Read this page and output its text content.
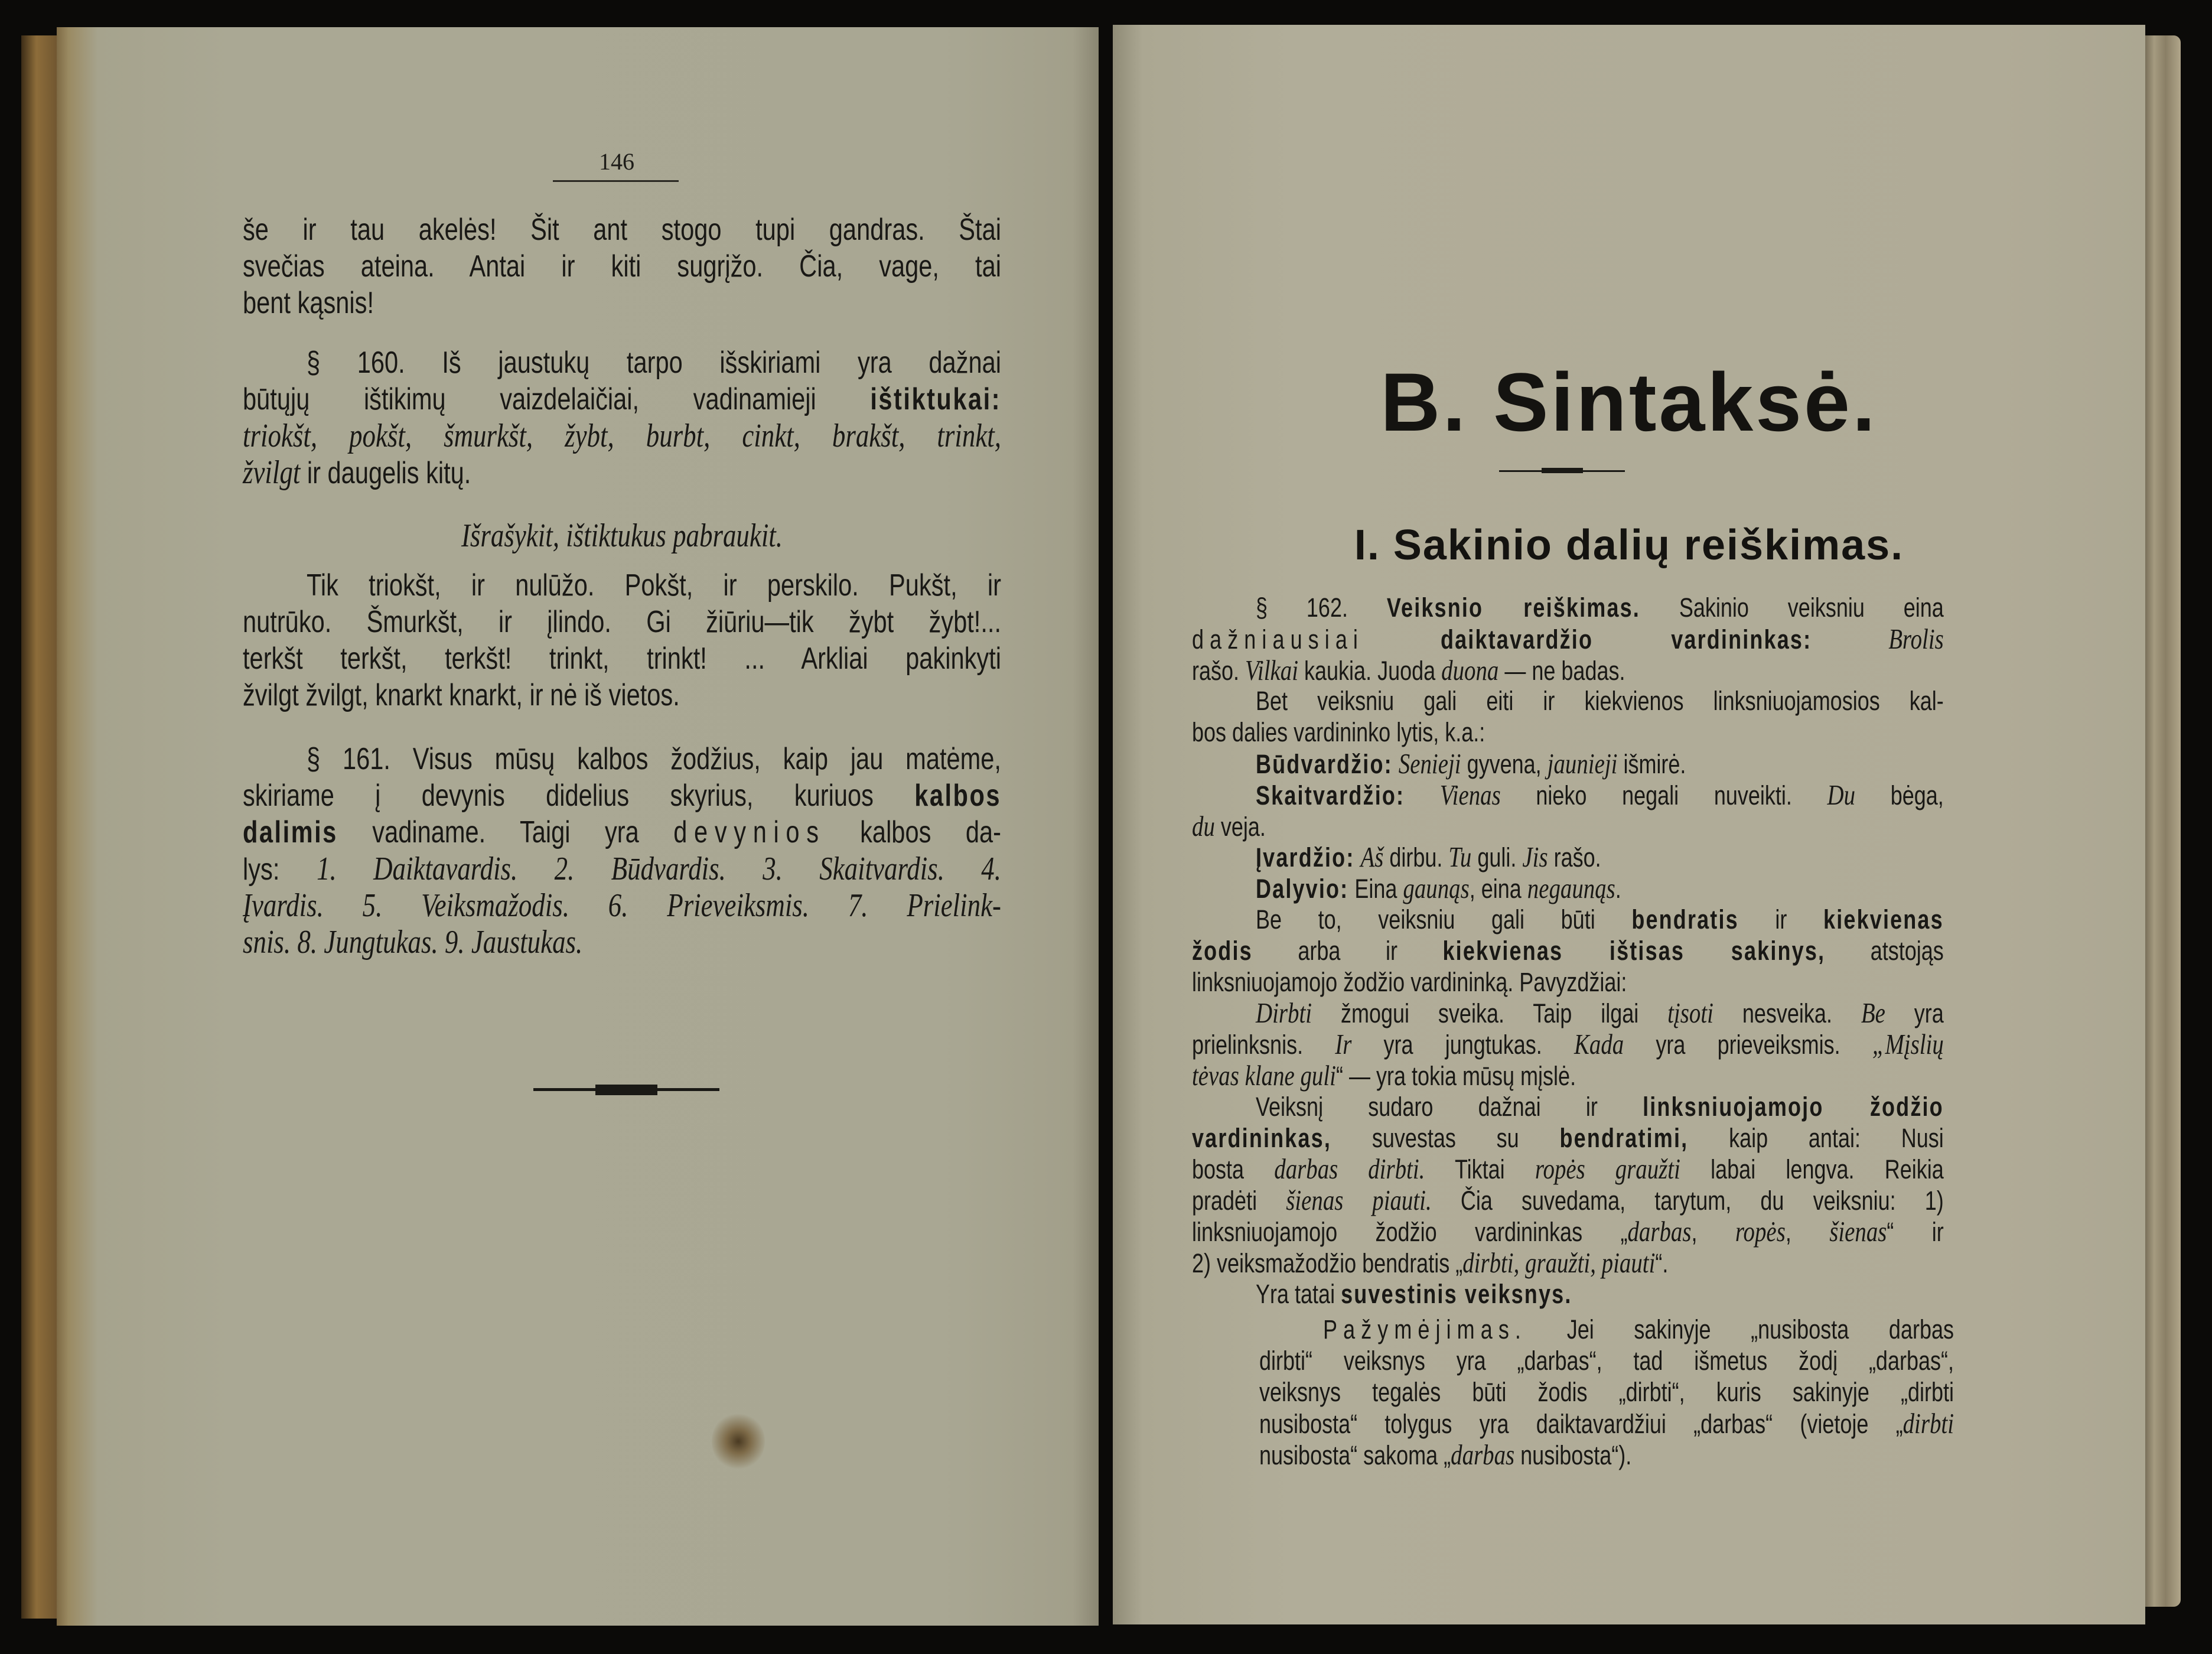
146
še ir tau akelės! Šit ant stogo tupi gandras. Štai
svečias ateina. Antai ir kiti sugrįžo. Čia, vage, tai
bent kąsnis!
§ 160. Iš jaustukų tarpo išskiriami yra dažnai
būtųjų ištikimų vaizdelaičiai, vadinamieji ištiktukai:
triokšt, pokšt, šmurkšt, žybt, burbt, cinkt, brakšt, trinkt,
žvilgt ir daugelis kitų.
Išrašykit, ištiktukus pabraukit.
Tik triokšt, ir nulūžo. Pokšt, ir perskilo. Pukšt, ir
nutrūko. Šmurkšt, ir įlindo. Gi žiūriu—tik žybt žybt!...
terkšt terkšt, terkšt! trinkt, trinkt! ... Arkliai pakinkyti
žvilgt žvilgt, knarkt knarkt, ir nė iš vietos.
§ 161. Visus mūsų kalbos žodžius, kaip jau matėme,
skiriame į devynis didelius skyrius, kuriuos kalbos
dalimis vadiname. Taigi yra devynios kalbos da-
lys: 1. Daiktavardis. 2. Būdvardis. 3. Skaitvardis. 4.
Įvardis. 5. Veiksmažodis. 6. Prieveiksmis. 7. Prielink-
snis. 8. Jungtukas. 9. Jaustukas.
B. Sintaksė.
I. Sakinio dalių reiškimas.
§ 162. Veiksnio reiškimas. Sakinio veiksniu eina
dažniausiai	daiktavardžio vardininkas:	Brolis
rašo. Vilkai kaukia. Juoda duona — ne badas.
Bet veiksniu gali eiti ir kiekvienos linksniuojamosios kal-
bos dalies vardininko lytis, k.a.:
Būdvardžio: Senieji gyvena, jaunieji išmirė.
Skaitvardžio: Vienas nieko negali nuveikti. Du bėga,
du veja.
Įvardžio: Aš dirbu. Tu guli. Jis rašo.
Dalyvio: Eina gaunąs, eina negaunąs.
Be to, veiksniu gali būti bendratis ir kiekvienas
žodis arba ir kiekvienas ištisas sakinys, atstojąs
linksniuojamojo žodžio vardininką. Pavyzdžiai:
Dirbti žmogui sveika. Taip ilgai tįsoti nesveika. Be yra
prielinksnis. Ir yra jungtukas. Kada yra prieveiksmis. „Mįslių
tėvas klane guli“ — yra tokia mūsų mįslė.
Veiksnį sudaro dažnai ir linksniuojamojo žodžio
vardininkas, suvestas su bendratimi, kaip antai: Nusi
bosta darbas dirbti. Tiktai ropės graužti labai lengva. Reikia
pradėti šienas piauti. Čia suvedama, tarytum, du veiksniu: 1)
linksniuojamojo žodžio vardininkas „darbas, ropės, šienas“ ir
2) veiksmažodžio bendratis „dirbti, graužti, piauti“.
Yra tatai suvestinis veiksnys.
Pažymėjimas. Jei sakinyje „nusibosta darbas
dirbti“ veiksnys yra „darbas“, tad išmetus žodį „darbas“,
veiksnys tegalės būti žodis „dirbti“, kuris sakinyje „dirbti
nusibosta“ tolygus yra daiktavardžiui „darbas“ (vietoje „dirbti
nusibosta“ sakoma „darbas nusibosta“).
